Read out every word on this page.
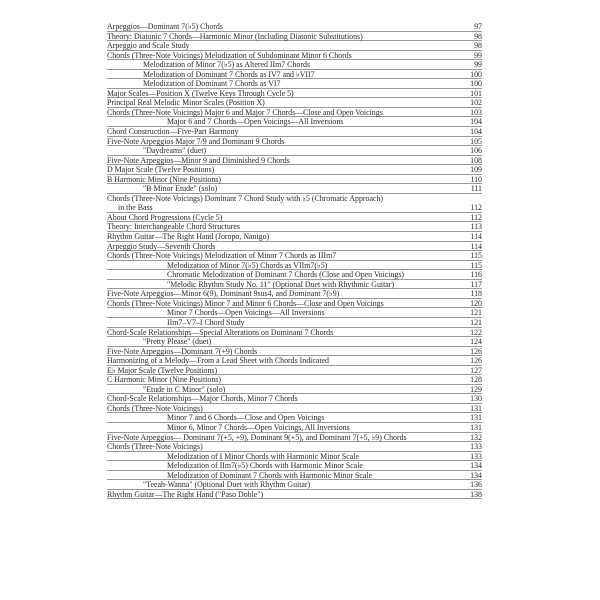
Arpeggios—Dominant 7(♭5) Chords	97
Theory: Diatonic 7 Chords—Harmonic Minor (Including Diatonic Substitutions)	98
Arpeggio and Scale Study	98
Chords (Three-Note Voicings) Melodization of Subdominant Minor 6 Chords	99
Melodization of Minor 7(♭5) as Altered IIm7 Chords	99
Melodization of Dominant 7 Chords as IV7 and ♭VII7	100
Melodization of Dominant 7 Chords as VI7	100
Major Scales—Position X (Twelve Keys Through Cycle 5)	101
Principal Real Melodic Minor Scales (Position X)	102
Chords (Three-Note Voicings) Major 6 and Major 7 Chords—Close and Open Voicings	103
Major 6 and 7 Chords—Open Voicings—All Inversions	104
Chord Construction—Five-Part Harmony	104
Five-Note Arpeggios Major 7/9 and Dominant 9 Chords	105
"Daydreams" (duet)	106
Five-Note Arpeggios—Minor 9 and Diminished 9 Chords	108
D Major Scale (Twelve Positions)	109
B Harmonic Minor (Nine Positions)	110
"B Minor Etude" (solo)	111
Chords (Three-Note Voicings) Dominant 7 Chord Study with ♭5 (Chromatic Approach)
in the Bass	112
About Chord Progressions (Cycle 5)	112
Theory: Interchangeable Chord Structures	113
Rhythm Guitar—The Right Hand (Joropo, Nanigo)	114
Arpeggio Study—Seventh Chords	114
Chords (Three-Note Voicings) Melodization of Minor 7 Chords as IIIm7	115
Melodization of Minor 7(♭5) Chords as VIIm7(♭5)	115
Chromatic Melodization of Dominant 7 Chords (Close and Open Voicings)	116
"Melodic Rhythm Study No. 11" (Optional Duet with Rhythmic Guitar)	117
Five-Note Arpeggios—Minor 6(9), Dominant 9sus4, and Dominant 7(♭9)	118
Chords (Three-Note Voicings) Minor 7 and Minor 6 Chords—Close and Open Voicings	120
Minor 7 Chords—Open Voicings—All Inversions	121
IIm7–V7–I Chord Study	121
Chord-Scale Relationships—Special Alterations on Dominant 7 Chords	122
"Pretty Please" (duet)	124
Five-Note Arpeggios—Dominant 7(+9) Chords	126
Harmonizing of a Melody—From a Lead Sheet with Chords Indicated	126
E♭ Major Scale (Twelve Positions)	127
C Harmonic Minor (Nine Positions)	128
"Etude in C Minor" (solo)	129
Chord-Scale Relationships—Major Chords, Minor 7 Chords	130
Chords (Three-Note Voicings)	131
Minor 7 and 6 Chords—Close and Open Voicings	131
Minor 6, Minor 7 Chords—Open Voicings, All Inversions	131
Five-Note Arpeggios— Dominant 7(+5, +9), Dominant 9(+5), and Dominant 7(+5, ♭9) Chords	132
Chords (Three-Note Voicings)	133
Melodization of I Minor Chords with Harmonic Minor Scale	133
Melodization of IIm7(♭5) Chords with Harmonic Minor Scale	134
Melodization of Dominant 7 Chords with Harmonic Minor Scale	134
"Teeah-Wanna" (Optional Duet with Rhythm Guitar)	136
Rhythm Guitar—The Right Hand ("Paso Doble")	138
